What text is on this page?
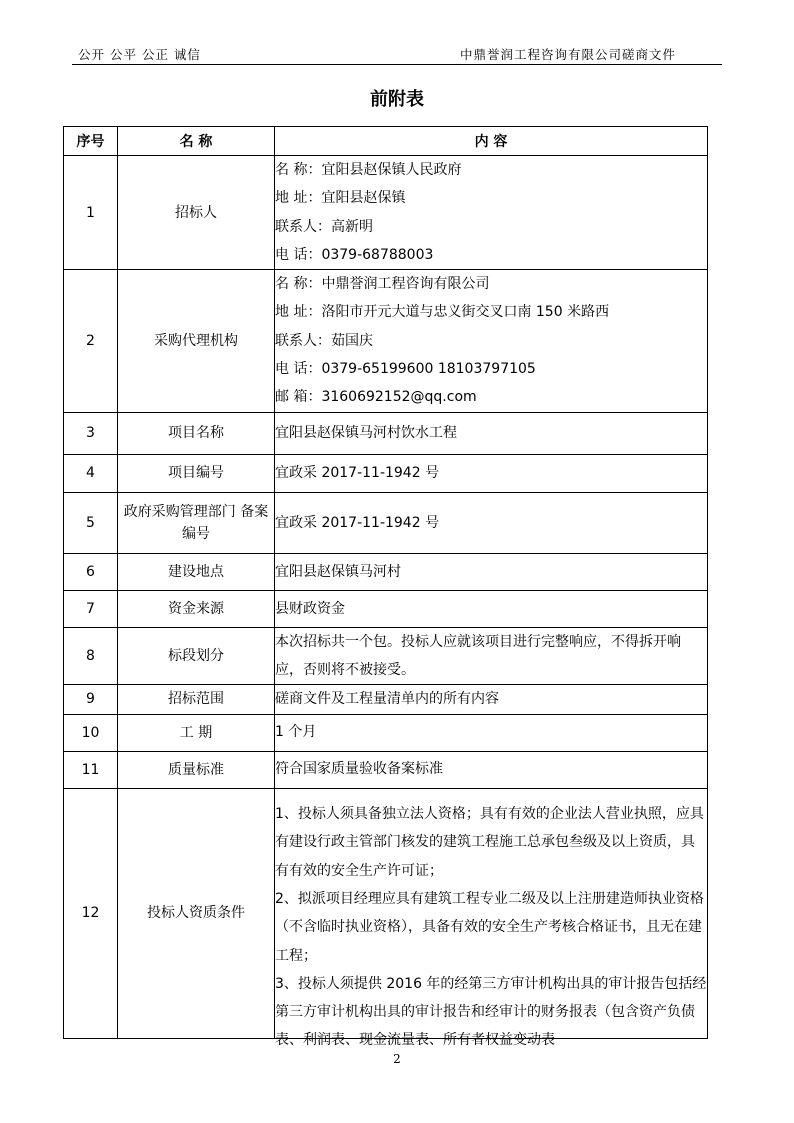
公开 公平 公正 诚信	中鼎誉润工程咨询有限公司磋商文件
前附表
序号	名 称	内 容
1	招标人	名 称：宜阳县赵保镇人民政府
地 址：宜阳县赵保镇
联系人：高新明
电 话：0379-68788003

2	采购代理机构	名 称：中鼎誉润工程咨询有限公司
地 址：洛阳市开元大道与忠义街交叉口南 150 米路西
联系人：茹国庆
电 话：0379-65199600 18103797105
邮 箱：3160692152@qq.com

3	项目名称	宜阳县赵保镇马河村饮水工程

4	项目编号	宜政采 2017-11-1942 号

5	政府采购管理部门 备案编号	宜政采 2017-11-1942 号

6	建设地点	宜阳县赵保镇马河村

7	资金来源	县财政资金

8	标段划分	本次招标共一个包。投标人应就该项目进行完整响应，不得拆开响应，否则将不被接受。

9	招标范围	磋商文件及工程量清单内的所有内容

10	工 期	1 个月

11	质量标准	符合国家质量验收备案标准

12	投标人资质条件	1、投标人须具备独立法人资格；具有有效的企业法人营业执照，应具有建设行政主管部门核发的建筑工程施工总承包叁级及以上资质，具有有效的安全生产许可证；
2、拟派项目经理应具有建筑工程专业二级及以上注册建造师执业资格（不含临时执业资格），具备有效的安全生产考核合格证书，且无在建工程；
3、投标人须提供 2016 年的经第三方审计机构出具的审计报告包括经第三方审计机构出具的审计报告和经审计的财务报表（包含资产负债表、利润表、现金流量表、所有者权益变动表
2
